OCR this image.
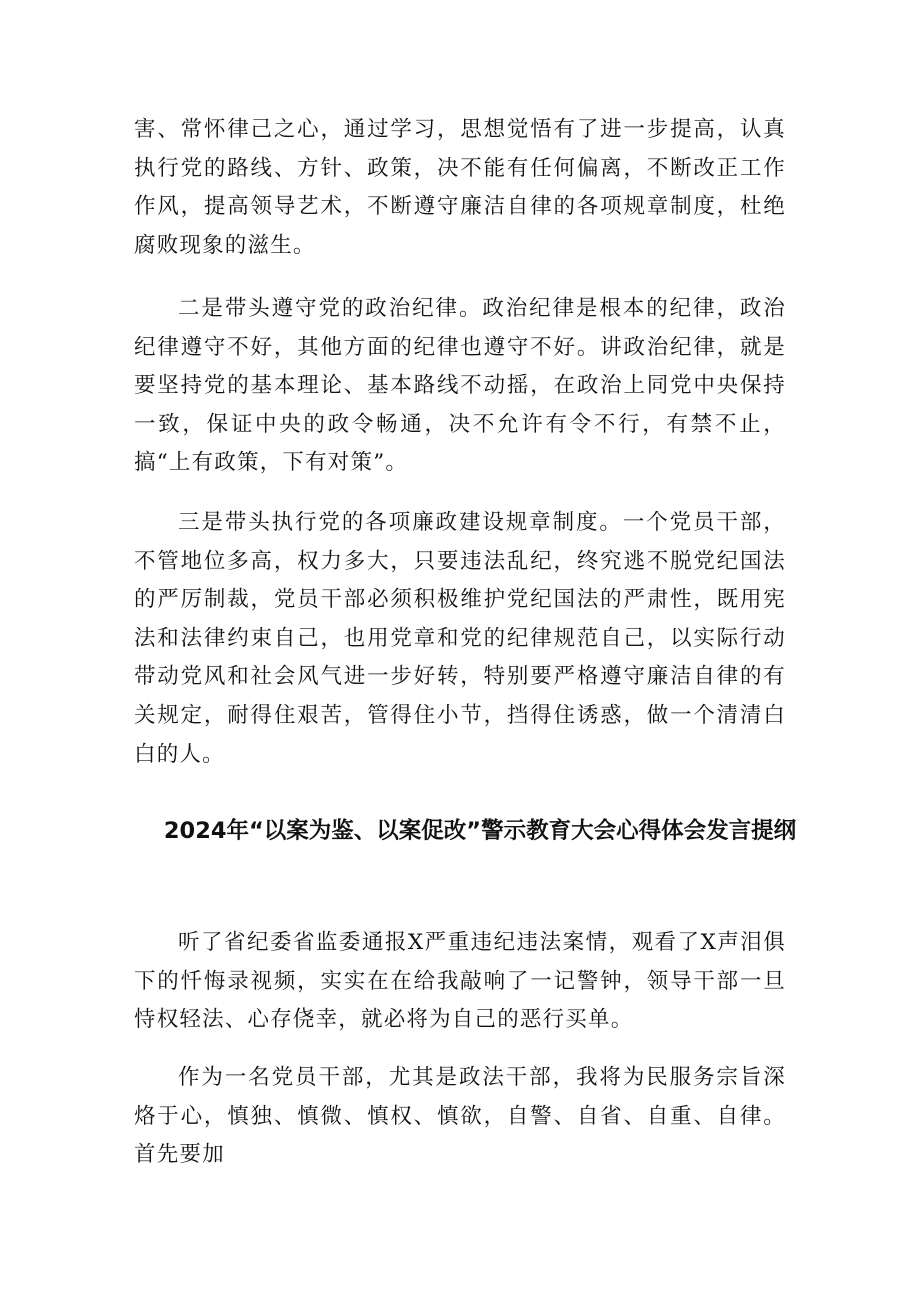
害、常怀律己之心，通过学习，思想觉悟有了进一步提高，认真执行党的路线、方针、政策，决不能有任何偏离，不断改正工作作风，提高领导艺术，不断遵守廉洁自律的各项规章制度，杜绝腐败现象的滋生。

二是带头遵守党的政治纪律。政治纪律是根本的纪律，政治纪律遵守不好，其他方面的纪律也遵守不好。讲政治纪律，就是要坚持党的基本理论、基本路线不动摇，在政治上同党中央保持一致，保证中央的政令畅通，决不允许有令不行，有禁不止，搞“上有政策，下有对策”。

三是带头执行党的各项廉政建设规章制度。一个党员干部，不管地位多高，权力多大，只要违法乱纪，终究逃不脱党纪国法的严厉制裁，党员干部必须积极维护党纪国法的严肃性，既用宪法和法律约束自己，也用党章和党的纪律规范自己，以实际行动带动党风和社会风气进一步好转，特别要严格遵守廉洁自律的有关规定，耐得住艰苦，管得住小节，挡得住诱惑，做一个清清白白的人。

2024年“以案为鉴、以案促改”警示教育大会心得体会发言提纲

听了省纪委省监委通报X严重违纪违法案情，观看了X声泪俱下的忏悔录视频，实实在在给我敲响了一记警钟，领导干部一旦恃权轻法、心存侥幸，就必将为自己的恶行买单。

作为一名党员干部，尤其是政法干部，我将为民服务宗旨深烙于心，慎独、慎微、慎权、慎欲，自警、自省、自重、自律。首先要加
